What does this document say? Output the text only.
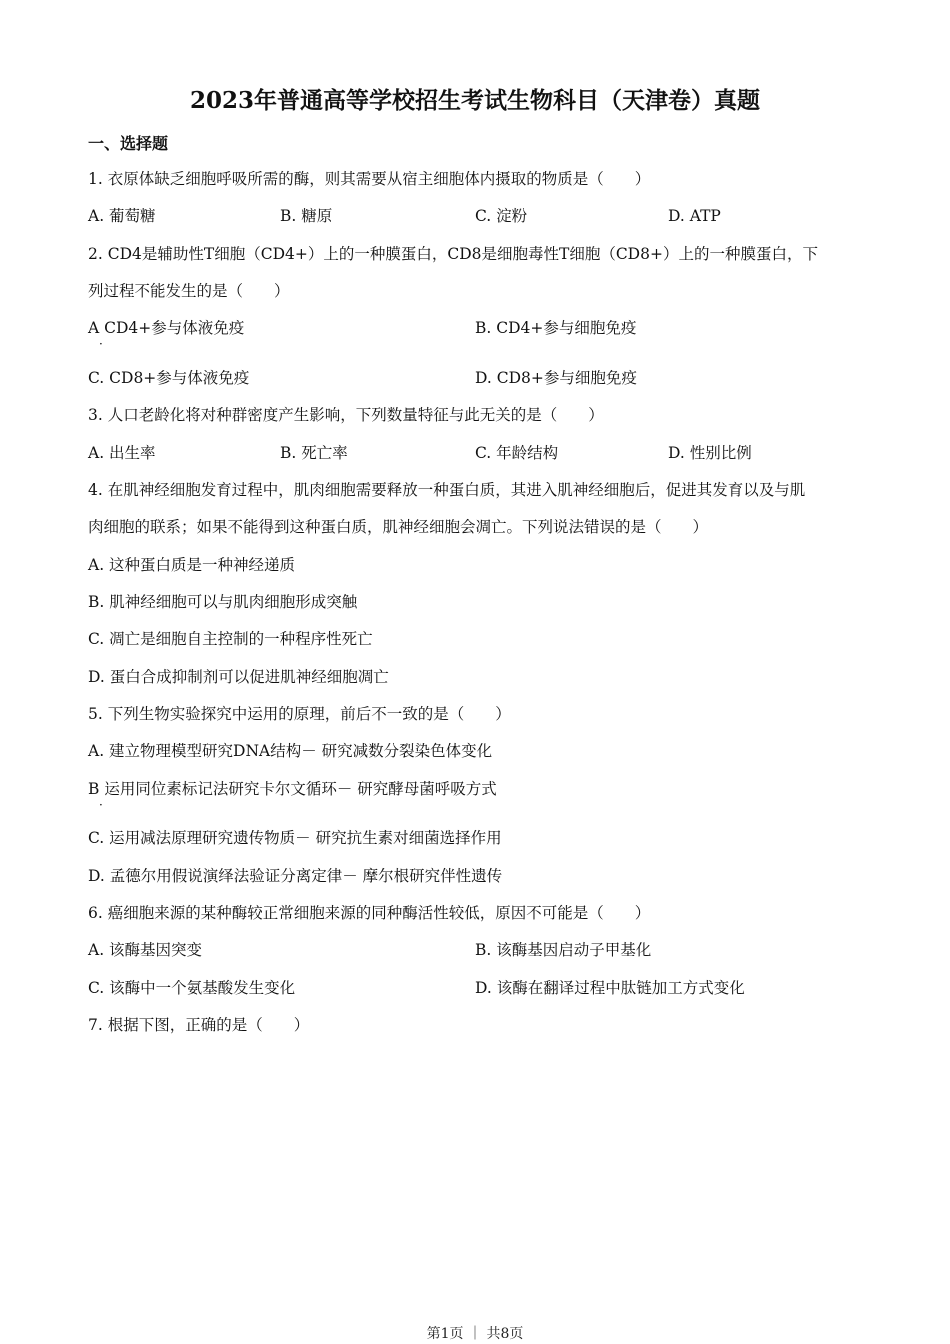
2023年普通高等学校招生考试生物科目（天津卷）真题
一、选择题
1. 衣原体缺乏细胞呼吸所需的酶，则其需要从宿主细胞体内摄取的物质是（　　）
A. 葡萄糖	B. 糖原	C. 淀粉	D. ATP
2. CD4是辅助性T细胞（CD4+）上的一种膜蛋白，CD8是细胞毒性T细胞（CD8+）上的一种膜蛋白，下
列过程不能发生的是（　　）
A CD4+参与体液免疫
·
B. CD4+参与细胞免疫
C. CD8+参与体液免疫	D. CD8+参与细胞免疫
3. 人口老龄化将对种群密度产生影响，下列数量特征与此无关的是（　　）
A. 出生率	B. 死亡率	C. 年龄结构	D. 性别比例
4. 在肌神经细胞发育过程中，肌肉细胞需要释放一种蛋白质，其进入肌神经细胞后，促进其发育以及与肌
肉细胞的联系；如果不能得到这种蛋白质，肌神经细胞会凋亡。下列说法错误的是（　　）
A. 这种蛋白质是一种神经递质
B. 肌神经细胞可以与肌肉细胞形成突触
C. 凋亡是细胞自主控制的一种程序性死亡
D. 蛋白合成抑制剂可以促进肌神经细胞凋亡
5. 下列生物实验探究中运用的原理，前后不一致的是（　　）
A. 建立物理模型研究DNA结构－ 研究减数分裂染色体变化
B 运用同位素标记法研究卡尔文循环－ 研究酵母菌呼吸方式
·
C. 运用减法原理研究遗传物质－ 研究抗生素对细菌选择作用
D. 孟德尔用假说演绎法验证分离定律－ 摩尔根研究伴性遗传
6. 癌细胞来源的某种酶较正常细胞来源的同种酶活性较低，原因不可能是（　　）
A. 该酶基因突变	B. 该酶基因启动子甲基化
C. 该酶中一个氨基酸发生变化	D. 该酶在翻译过程中肽链加工方式变化
7. 根据下图，正确的是（　　）
第1页 ｜ 共8页
